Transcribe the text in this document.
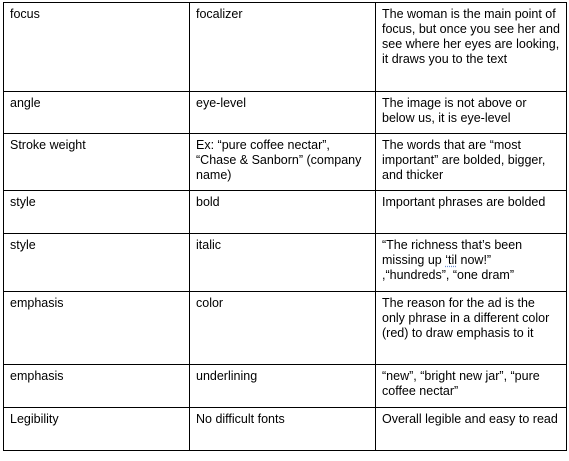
focus	focalizer	The woman is the main point of focus, but once you see her and see where her eyes are looking, it draws you to the text
angle	eye-level	The image is not above or below us, it is eye-level
Stroke weight	Ex: “pure coffee nectar”, “Chase & Sanborn” (company name)	The words that are “most important” are bolded, bigger, and thicker
style	bold	Important phrases are bolded
style	italic	“The richness that’s been missing up ‘til now!” ,“hundreds”, “one dram”
emphasis	color	The reason for the ad is the only phrase in a different color (red) to draw emphasis to it
emphasis	underlining	“new”, “bright new jar”, “pure coffee nectar”
Legibility	No difficult fonts	Overall legible and easy to read
